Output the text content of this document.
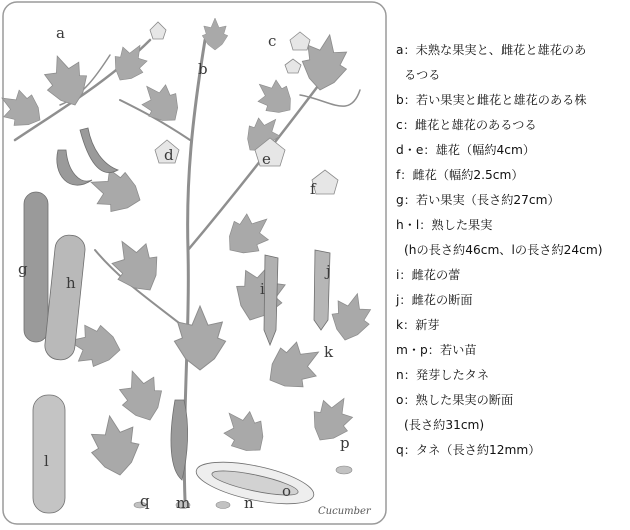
a
b
c
d	e
f
g
h	i
j
k
l
m	n
o
p
q
Cucumber
a：未熟な果実と、雌花と雄花のあ
るつる
b：若い果実と雌花と雄花のある株
c：雌花と雄花のあるつる
d・e：雄花（幅約4cm）
f：雌花（幅約2.5cm）
g：若い果実（長さ約27cm）
h・l：熟した果実
(hの長さ約46cm、lの長さ約24cm)
i：雌花の蕾
j：雌花の断面
k：新芽
m・p：若い苗
n：発芽したタネ
o：熟した果実の断面
(長さ約31cm)
q：タネ（長さ約12mm）
